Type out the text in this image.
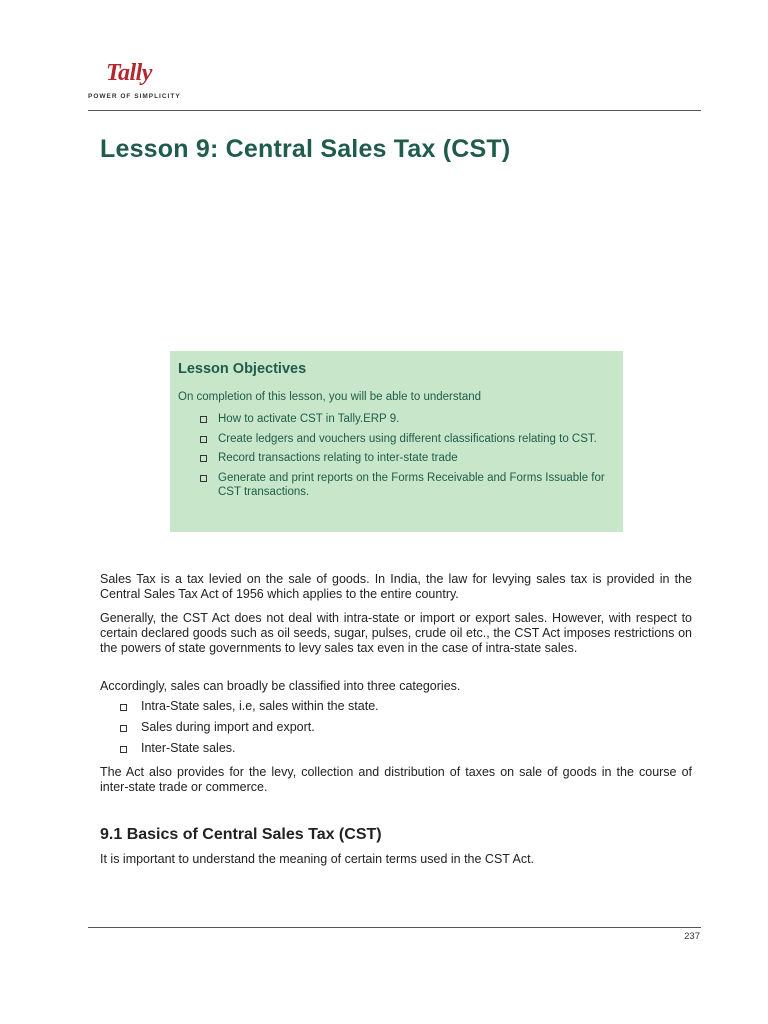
Tally
POWER OF SIMPLICITY
Lesson 9: Central Sales Tax (CST)

Lesson Objectives

On completion of this lesson, you will be able to understand

How to activate CST in Tally.ERP 9.
Create ledgers and vouchers using different classifications relating to CST.
Record transactions relating to inter-state trade
Generate and print reports on the Forms Receivable and Forms Issuable for CST transactions.

Sales Tax is a tax levied on the sale of goods. In India, the law for levying sales tax is provided in the Central Sales Tax Act of 1956 which applies to the entire country.

Generally, the CST Act does not deal with intra-state or import or export sales. However, with respect to certain declared goods such as oil seeds, sugar, pulses, crude oil etc., the CST Act imposes restrictions on the powers of state governments to levy sales tax even in the case of intra-state sales.

Accordingly, sales can broadly be classified into three categories.

Intra-State sales, i.e, sales within the state.
Sales during import and export.
Inter-State sales.

The Act also provides for the levy, collection and distribution of taxes on sale of goods in the course of inter-state trade or commerce.

9.1 Basics of Central Sales Tax (CST)

It is important to understand the meaning of certain terms used in the CST Act.

237
